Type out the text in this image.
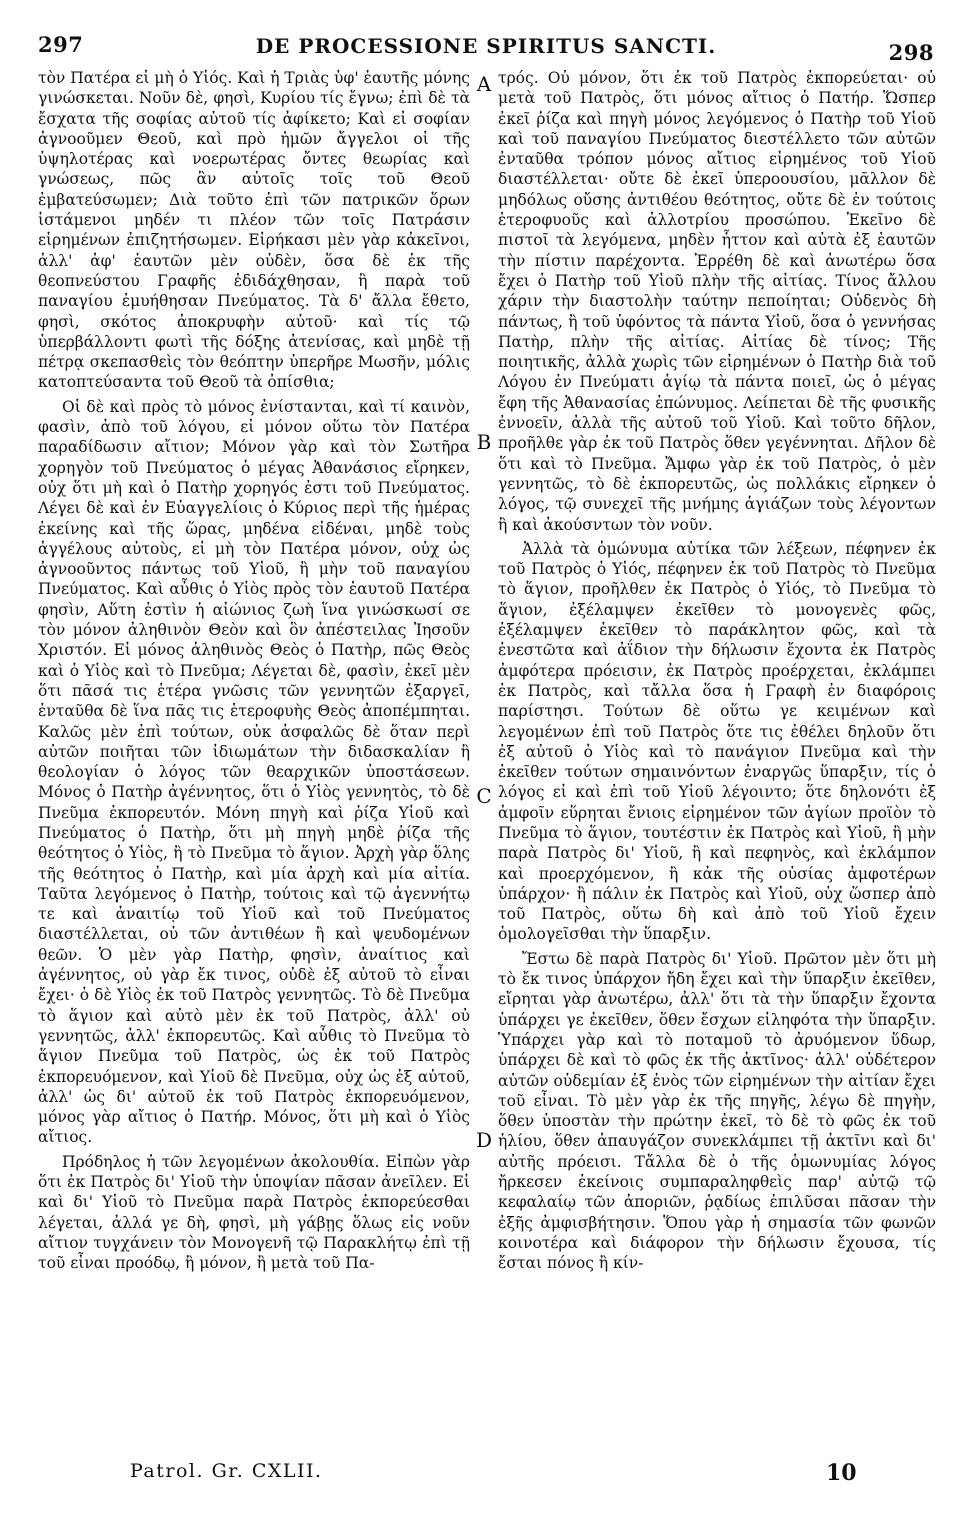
297	DE PROCESSIONE SPIRITUS SANCTI.	298

τὸν Πατέρα εἰ μὴ ὁ Υἱός. Καὶ ἡ Τριὰς ὑφ' ἑαυτῆς μόνης γινώσκεται. Νοῦν δὲ, φησὶ, Κυρίου τίς ἔγνω; ἐπὶ δὲ τὰ ἔσχατα τῆς σοφίας αὐτοῦ τίς ἀφίκετο; Καὶ εἰ σοφίαν ἀγνοοῦμεν Θεοῦ, καὶ πρὸ ἡμῶν ἄγγελοι οἱ τῆς ὑψηλοτέρας καὶ νοερωτέρας ὄντες θεωρίας καὶ γνώσεως, πῶς ἂν αὐτοῖς τοῖς τοῦ Θεοῦ ἐμβατεύσωμεν; Διὰ τοῦτο ἐπὶ τῶν πατρικῶν ὅρων ἱστάμενοι μηδέν τι πλέον τῶν τοῖς Πατράσιν εἰρημένων ἐπιζητήσωμεν. Εἰρήκασι μὲν γὰρ κἀκεῖνοι, ἀλλ' ἀφ' ἑαυτῶν μὲν οὐδὲν, ὅσα δὲ ἐκ τῆς θεοπνεύστου Γραφῆς ἐδιδάχθησαν, ἢ παρὰ τοῦ παναγίου ἐμυήθησαν Πνεύματος. Τὰ δ' ἄλλα ἔθετο, φησὶ, σκότος ἀποκρυφὴν αὐτοῦ· καὶ τίς τῷ ὑπερβάλλοντι φωτὶ τῆς δόξης ἀτενίσας, καὶ μηδὲ τῇ πέτρᾳ σκεπασθεὶς τὸν θεόπτην ὑπερῆρε Μωσῆν, μόλις κατοπτεύσαντα τοῦ Θεοῦ τὰ ὀπίσθια;

Οἱ δὲ καὶ πρὸς τὸ μόνος ἐνίστανται, καὶ τί καινὸν, φασὶν, ἀπὸ τοῦ λόγου, εἰ μόνον οὕτω τὸν Πατέρα παραδίδωσιν αἴτιον; Μόνον γὰρ καὶ τὸν Σωτῆρα χορηγὸν τοῦ Πνεύματος ὁ μέγας Ἀθανάσιος εἴρηκεν, οὐχ ὅτι μὴ καὶ ὁ Πατὴρ χορηγός ἐστι τοῦ Πνεύματος. Λέγει δὲ καὶ ἐν Εὐαγγελίοις ὁ Κύριος περὶ τῆς ἡμέρας ἐκείνης καὶ τῆς ὥρας, μηδένα εἰδέναι, μηδὲ τοὺς ἀγγέλους αὐτοὺς, εἰ μὴ τὸν Πατέρα μόνον, οὐχ ὡς ἀγνοοῦντος πάντως τοῦ Υἱοῦ, ἢ μὴν τοῦ παναγίου Πνεύματος. Καὶ αὖθις ὁ Υἱὸς πρὸς τὸν ἑαυτοῦ Πατέρα φησὶν, Αὕτη ἐστὶν ἡ αἰώνιος ζωὴ ἵνα γινώσκωσί σε τὸν μόνον ἀληθινὸν Θεὸν καὶ ὃν ἀπέστειλας Ἰησοῦν Χριστόν. Εἰ μόνος ἀληθινὸς Θεὸς ὁ Πατὴρ, πῶς Θεὸς καὶ ὁ Υἱὸς καὶ τὸ Πνεῦμα; Λέγεται δὲ, φασὶν, ἐκεῖ μὲν ὅτι πᾶσά τις ἑτέρα γνῶσις τῶν γεννητῶν ἐξαργεῖ, ἐνταῦθα δὲ ἵνα πᾶς τις ἑτεροφυὴς Θεὸς ἀποπέμπηται. Καλῶς μὲν ἐπὶ τούτων, οὐκ ἀσφαλῶς δὲ ὅταν περὶ αὐτῶν ποιῆται τῶν ἰδιωμάτων τὴν διδασκαλίαν ἢ θεολογίαν ὁ λόγος τῶν θεαρχικῶν ὑποστάσεων. Μόνος ὁ Πατὴρ ἀγέννητος, ὅτι ὁ Υἱὸς γεννητὸς, τὸ δὲ Πνεῦμα ἐκπορευτόν. Μόνη πηγὴ καὶ ῥίζα Υἱοῦ καὶ Πνεύματος ὁ Πατὴρ, ὅτι μὴ πηγὴ μηδὲ ῥίζα τῆς θεότητος ὁ Υἱὸς, ἢ τὸ Πνεῦμα τὸ ἅγιον. Ἀρχὴ γὰρ ὅλης τῆς θεότητος ὁ Πατὴρ, καὶ μία ἀρχὴ καὶ μία αἰτία. Ταῦτα λεγόμενος ὁ Πατὴρ, τούτοις καὶ τῷ ἀγεννήτῳ τε καὶ ἀναιτίῳ τοῦ Υἱοῦ καὶ τοῦ Πνεύματος διαστέλλεται, οὐ τῶν ἀντιθέων ἢ καὶ ψευδομένων θεῶν. Ὁ μὲν γὰρ Πατὴρ, φησὶν, ἀναίτιος καὶ ἀγέννητος, οὐ γὰρ ἔκ τινος, οὐδὲ ἐξ αὐτοῦ τὸ εἶναι ἔχει· ὁ δὲ Υἱὸς ἐκ τοῦ Πατρὸς γεννητῶς. Τὸ δὲ Πνεῦμα τὸ ἅγιον καὶ αὐτὸ μὲν ἐκ τοῦ Πατρὸς, ἀλλ' οὐ γεννητῶς, ἀλλ' ἐκπορευτῶς. Καὶ αὖθις τὸ Πνεῦμα τὸ ἅγιον Πνεῦμα τοῦ Πατρὸς, ὡς ἐκ τοῦ Πατρὸς ἐκπορευόμενον, καὶ Υἱοῦ δὲ Πνεῦμα, οὐχ ὡς ἐξ αὐτοῦ, ἀλλ' ὡς δι' αὐτοῦ ἐκ τοῦ Πατρὸς ἐκπορευόμενον, μόνος γὰρ αἴτιος ὁ Πατήρ. Μόνος, ὅτι μὴ καὶ ὁ Υἱὸς αἴτιος.

Πρόδηλος ἡ τῶν λεγομένων ἀκολουθία. Εἰπὼν γὰρ ὅτι ἐκ Πατρὸς δι' Υἱοῦ τὴν ὑποψίαν πᾶσαν ἀνεῖλεν. Εἰ καὶ δι' Υἱοῦ τὸ Πνεῦμα παρὰ Πατρὸς ἐκπορεύεσθαι λέγεται, ἀλλά γε δὴ, φησὶ, μὴ γάβῃς ὅλως εἰς νοῦν αἴτιον τυγχάνειν τὸν Μονογενῆ τῷ Παρακλήτῳ ἐπὶ τῇ τοῦ εἶναι προόδῳ, ἢ μόνον, ἢ μετὰ τοῦ Πα-

A
B
C
D

τρός. Οὐ μόνον, ὅτι ἐκ τοῦ Πατρὸς ἐκπορεύεται· οὐ μετὰ τοῦ Πατρὸς, ὅτι μόνος αἴτιος ὁ Πατήρ. Ὥσπερ ἐκεῖ ῥίζα καὶ πηγὴ μόνος λεγόμενος ὁ Πατὴρ τοῦ Υἱοῦ καὶ τοῦ παναγίου Πνεύματος διεστέλλετο τῶν αὐτῶν ἐνταῦθα τρόπον μόνος αἴτιος εἰρημένος τοῦ Υἱοῦ διαστέλλεται· οὔτε δὲ ἐκεῖ ὑπεροουσίου, μᾶλλον δὲ μηδόλως οὔσης ἀντιθέου θεότητος, οὔτε δὲ ἐν τούτοις ἑτεροφυοῦς καὶ ἀλλοτρίου προσώπου. Ἐκεῖνο δὲ πιστοῖ τὰ λεγόμενα, μηδὲν ἧττον καὶ αὐτὰ ἐξ ἑαυτῶν τὴν πίστιν παρέχοντα. Ἐρρέθη δὲ καὶ ἀνωτέρω ὅσα ἔχει ὁ Πατὴρ τοῦ Υἱοῦ πλὴν τῆς αἰτίας. Τίνος ἄλλου χάριν τὴν διαστολὴν ταύτην πεποίηται; Οὐδενὸς δὴ πάντως, ἢ τοῦ ὑφόντος τὰ πάντα Υἱοῦ, ὅσα ὁ γεννήσας Πατὴρ, πλὴν τῆς αἰτίας. Αἰτίας δὲ τίνος; Τῆς ποιητικῆς, ἀλλὰ χωρὶς τῶν εἰρημένων ὁ Πατὴρ διὰ τοῦ Λόγου ἐν Πνεύματι ἁγίῳ τὰ πάντα ποιεῖ, ὡς ὁ μέγας ἔφη τῆς Ἀθανασίας ἐπώνυμος. Λείπεται δὲ τῆς φυσικῆς ἐννοεῖν, ἀλλὰ τῆς αὐτοῦ τοῦ Υἱοῦ. Καὶ τοῦτο δῆλον, προῆλθε γὰρ ἐκ τοῦ Πατρὸς ὅθεν γεγέννηται. Δῆλον δὲ ὅτι καὶ τὸ Πνεῦμα. Ἄμφω γὰρ ἐκ τοῦ Πατρὸς, ὁ μὲν γεννητῶς, τὸ δὲ ἐκπορευτῶς, ὡς πολλάκις εἴρηκεν ὁ λόγος, τῷ συνεχεῖ τῆς μνήμης ἁγιάζων τοὺς λέγοντων ἢ καὶ ἀκούσντων τὸν νοῦν.

Ἀλλὰ τὰ ὁμώνυμα αὐτίκα τῶν λέξεων, πέφηνεν ἐκ τοῦ Πατρὸς ὁ Υἱός, πέφηνεν ἐκ τοῦ Πατρὸς τὸ Πνεῦμα τὸ ἅγιον, προῆλθεν ἐκ Πατρὸς ὁ Υἱός, τὸ Πνεῦμα τὸ ἅγιον, ἐξέλαμψεν ἐκεῖθεν τὸ μονογενὲς φῶς, ἐξέλαμψεν ἐκεῖθεν τὸ παράκλητον φῶς, καὶ τὰ ἐνεστῶτα καὶ ἀΐδιον τὴν δήλωσιν ἔχοντα ἐκ Πατρὸς ἀμφότερα πρόεισιν, ἐκ Πατρὸς προέρχεται, ἐκλάμπει ἐκ Πατρὸς, καὶ τἄλλα ὅσα ἡ Γραφὴ ἐν διαφόροις παρίστησι. Τούτων δὲ οὕτω γε κειμένων καὶ λεγομένων ἐπὶ τοῦ Πατρὸς ὅτε τις ἐθέλει δηλοῦν ὅτι ἐξ αὐτοῦ ὁ Υἱὸς καὶ τὸ πανάγιον Πνεῦμα καὶ τὴν ἐκεῖθεν τούτων σημαινόντων ἐναργῶς ὕπαρξιν, τίς ὁ λόγος εἰ καὶ ἐπὶ τοῦ Υἱοῦ λέγοιντο; ὅτε δηλονότι ἐξ ἀμφοῖν εὕρηται ἔνιοις εἰρημένον τῶν ἁγίων προϊὸν τὸ Πνεῦμα τὸ ἅγιον, τουτέστιν ἐκ Πατρὸς καὶ Υἱοῦ, ἢ μὴν παρὰ Πατρὸς δι' Υἱοῦ, ἢ καὶ πεφηνὸς, καὶ ἐκλάμπον καὶ προερχόμενον, ἢ κἀκ τῆς οὐσίας ἀμφοτέρων ὑπάρχον· ἢ πάλιν ἐκ Πατρὸς καὶ Υἱοῦ, οὐχ ὥσπερ ἀπὸ τοῦ Πατρὸς, οὕτω δὴ καὶ ἀπὸ τοῦ Υἱοῦ ἔχειν ὁμολογεῖσθαι τὴν ὕπαρξιν.

Ἔστω δὲ παρὰ Πατρὸς δι' Υἱοῦ. Πρῶτον μὲν ὅτι μὴ τὸ ἔκ τινος ὑπάρχον ἤδη ἔχει καὶ τὴν ὕπαρξιν ἐκεῖθεν, εἴρηται γὰρ ἀνωτέρω, ἀλλ' ὅτι τὰ τὴν ὕπαρξιν ἔχοντα ὑπάρχει γε ἐκεῖθεν, ὅθεν ἔσχων εἰληφότα τὴν ὕπαρξιν. Ὑπάρχει γὰρ καὶ τὸ ποταμοῦ τὸ ἀρυόμενον ὕδωρ, ὑπάρχει δὲ καὶ τὸ φῶς ἐκ τῆς ἀκτῖνος· ἀλλ' οὐδέτερον αὐτῶν οὐδεμίαν ἐξ ἑνὸς τῶν εἰρημένων τὴν αἰτίαν ἔχει τοῦ εἶναι. Τὸ μὲν γὰρ ἐκ τῆς πηγῆς, λέγω δὲ πηγὴν, ὅθεν ὑποστὰν τὴν πρώτην ἐκεῖ, τὸ δὲ τὸ φῶς ἐκ τοῦ ἡλίου, ὅθεν ἀπαυγάζον συνεκλάμπει τῇ ἀκτῖνι καὶ δι' αὐτῆς πρόεισι. Τἄλλα δὲ ὁ τῆς ὁμωνυμίας λόγος ἤρκεσεν ἐκείνοις συμπαραληφθεὶς παρ' αὐτῷ τῷ κεφαλαίῳ τῶν ἀποριῶν, ῥᾳδίως ἐπιλῦσαι πᾶσαν τὴν ἐξῆς ἀμφισβήτησιν. Ὅπου γὰρ ἡ σημασία τῶν φωνῶν κοινοτέρα καὶ διάφορον τὴν δήλωσιν ἔχουσα, τίς ἔσται πόνος ἢ κίν-

Patrol. Gr. CXLII.	10
